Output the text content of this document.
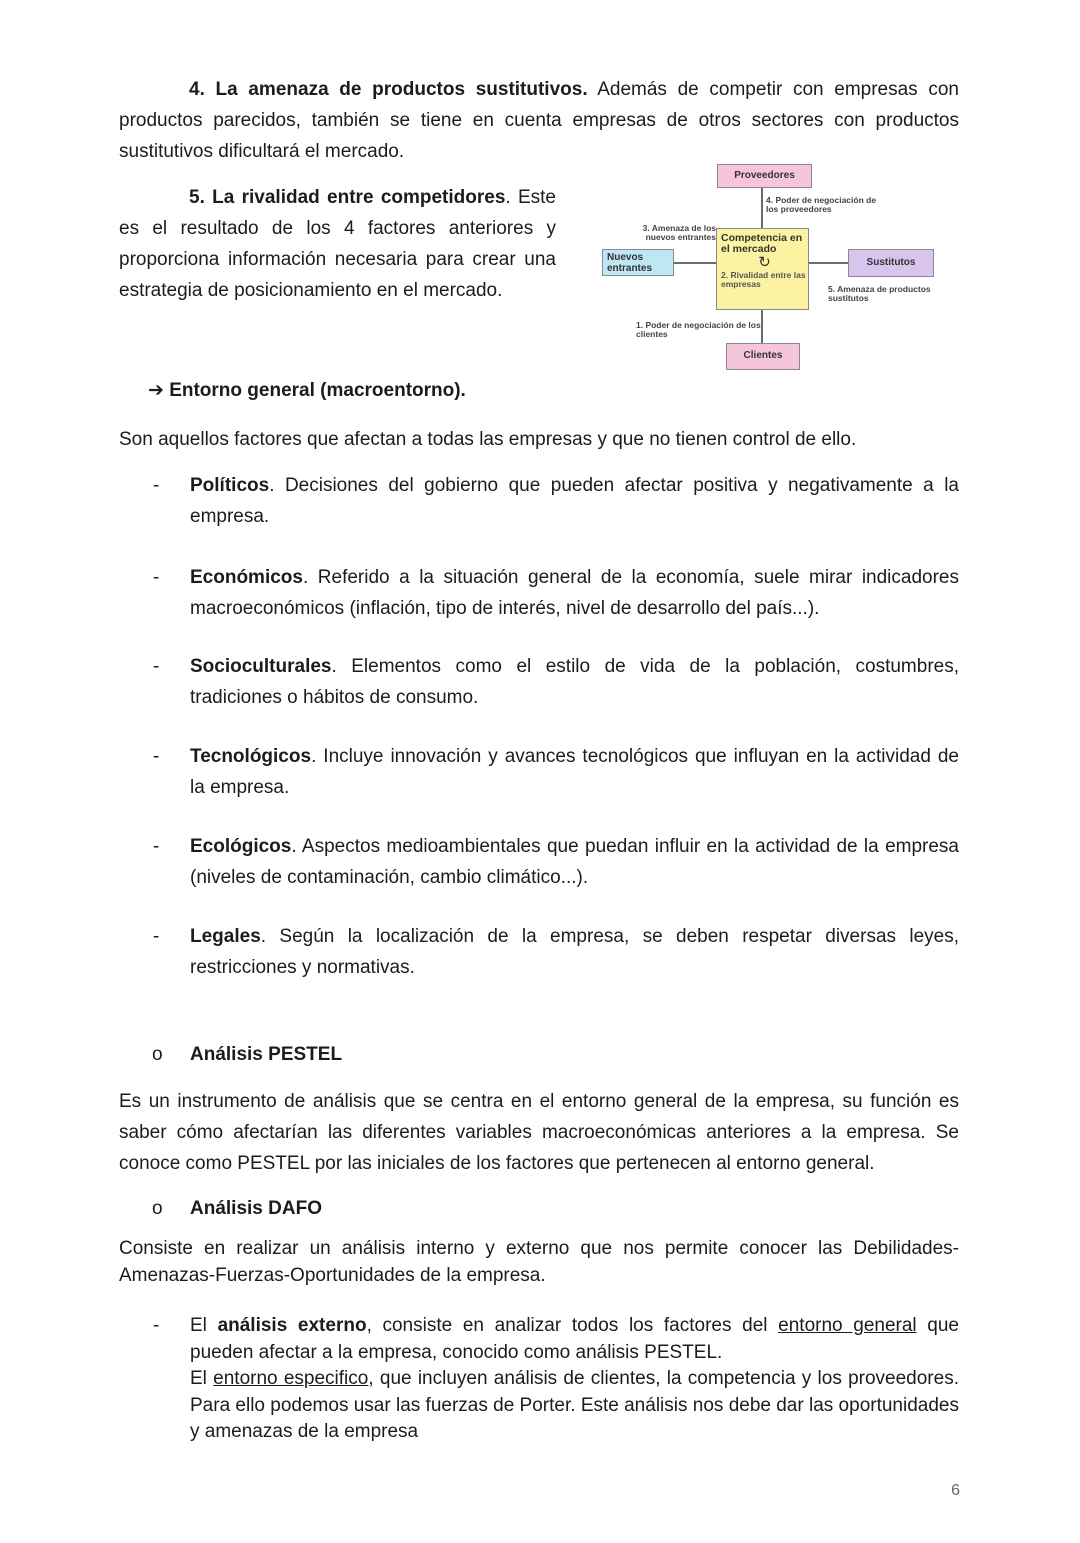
4. La amenaza de productos sustitutivos. Además de competir con empresas con productos parecidos, también se tiene en cuenta empresas de otros sectores con productos sustitutivos dificultará el mercado.
5. La rivalidad entre competidores. Este es el resultado de los 4 factores anteriores y proporciona información necesaria para crear una estrategia de posicionamiento en el mercado.
Proveedores
4. Poder de negociación de los proveedores
3. Amenaza de los nuevos entrantes
Nuevos entrantes
Competencia en el mercado
↻
2. Rivalidad entre las empresas
Sustitutos
5. Amenaza de productos sustitutos
1. Poder de negociación de los clientes
Clientes
➔ Entorno general (macroentorno).
Son aquellos factores que afectan a todas las empresas y que no tienen control de ello.
- Políticos. Decisiones del gobierno que pueden afectar positiva y negativamente a la empresa.
- Económicos. Referido a la situación general de la economía, suele mirar indicadores macroeconómicos (inflación, tipo de interés, nivel de desarrollo del país...).
- Socioculturales. Elementos como el estilo de vida de la población, costumbres, tradiciones o hábitos de consumo.
- Tecnológicos. Incluye innovación y avances tecnológicos que influyan en la actividad de la empresa.
- Ecológicos. Aspectos medioambientales que puedan influir en la actividad de la empresa (niveles de contaminación, cambio climático...).
- Legales. Según la localización de la empresa, se deben respetar diversas leyes, restricciones y normativas.
o Análisis PESTEL
Es un instrumento de análisis que se centra en el entorno general de la empresa, su función es saber cómo afectarían las diferentes variables macroeconómicas anteriores a la empresa. Se conoce como PESTEL por las iniciales de los factores que pertenecen al entorno general.
o Análisis DAFO
Consiste en realizar un análisis interno y externo que nos permite conocer las Debilidades-Amenazas-Fuerzas-Oportunidades de la empresa.
- El análisis externo, consiste en analizar todos los factores del entorno general que pueden afectar a la empresa, conocido como análisis PESTEL.
El entorno especifico, que incluyen análisis de clientes, la competencia y los proveedores. Para ello podemos usar las fuerzas de Porter. Este análisis nos debe dar las oportunidades y amenazas de la empresa
6
